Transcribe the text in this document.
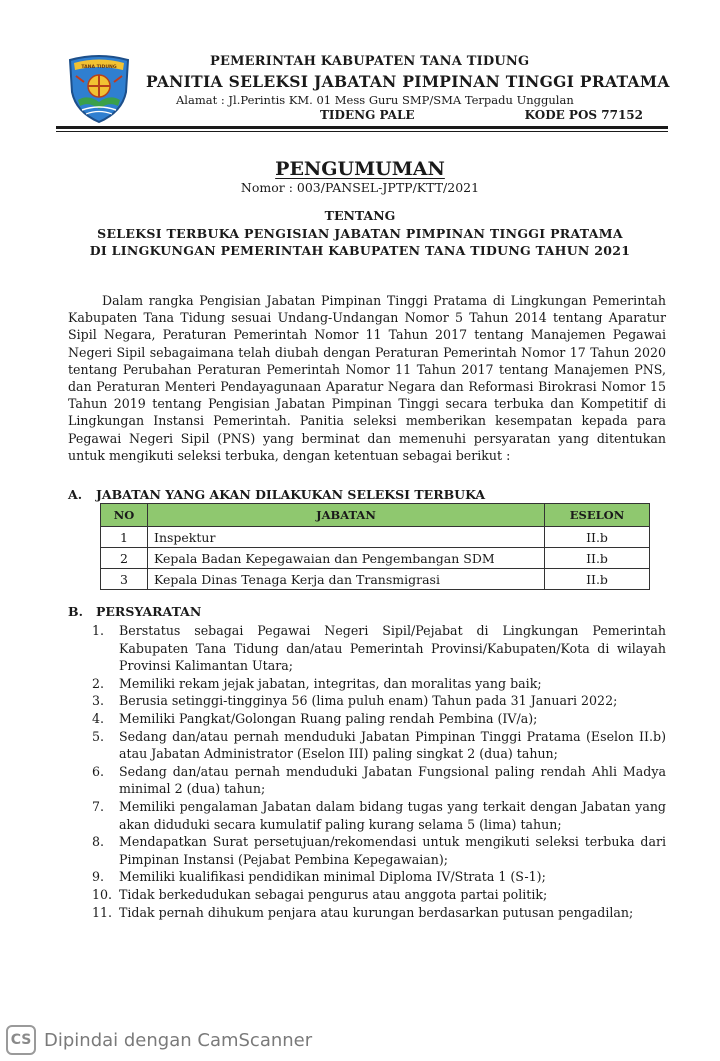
TANA TIDUNG	PEMERINTAH KABUPATEN TANA TIDUNG
PANITIA SELEKSI JABATAN PIMPINAN TINGGI PRATAMA
Alamat : Jl.Perintis KM. 01 Mess Guru SMP/SMA Terpadu Unggulan
TIDENG PALE	KODE POS 77152
PENGUMUMAN
Nomor : 003/PANSEL-JPTP/KTT/2021
TENTANG
SELEKSI TERBUKA PENGISIAN JABATAN PIMPINAN TINGGI PRATAMA
DI LINGKUNGAN PEMERINTAH KABUPATEN TANA TIDUNG TAHUN 2021
Dalam rangka Pengisian Jabatan Pimpinan Tinggi Pratama di Lingkungan Pemerintah Kabupaten Tana Tidung sesuai Undang-Undangan Nomor 5 Tahun 2014 tentang Aparatur Sipil Negara, Peraturan Pemerintah Nomor 11 Tahun 2017 tentang Manajemen Pegawai Negeri Sipil sebagaimana telah diubah dengan Peraturan Pemerintah Nomor 17 Tahun 2020 tentang Perubahan Peraturan Pemerintah Nomor 11 Tahun 2017 tentang Manajemen PNS, dan Peraturan Menteri Pendayagunaan Aparatur Negara dan Reformasi Birokrasi Nomor 15 Tahun 2019 tentang Pengisian Jabatan Pimpinan Tinggi secara terbuka dan Kompetitif di Lingkungan Instansi Pemerintah. Panitia seleksi memberikan kesempatan kepada para Pegawai Negeri Sipil (PNS) yang berminat dan memenuhi persyaratan yang ditentukan untuk mengikuti seleksi terbuka, dengan ketentuan sebagai berikut :
A. JABATAN YANG AKAN DILAKUKAN SELEKSI TERBUKA
NO	JABATAN	ESELON
1	Inspektur	II.b
2	Kepala Badan Kepegawaian dan Pengembangan SDM	II.b
3	Kepala Dinas Tenaga Kerja dan Transmigrasi	II.b
B. PERSYARATAN
1. Berstatus sebagai Pegawai Negeri Sipil/Pejabat di Lingkungan Pemerintah Kabupaten Tana Tidung dan/atau Pemerintah Provinsi/Kabupaten/Kota di wilayah Provinsi Kalimantan Utara;
2. Memiliki rekam jejak jabatan, integritas, dan moralitas yang baik;
3. Berusia setinggi-tingginya 56 (lima puluh enam) Tahun pada 31 Januari 2022;
4. Memiliki Pangkat/Golongan Ruang paling rendah Pembina (IV/a);
5. Sedang dan/atau pernah menduduki Jabatan Pimpinan Tinggi Pratama (Eselon II.b) atau Jabatan Administrator (Eselon III) paling singkat 2 (dua) tahun;
6. Sedang dan/atau pernah menduduki Jabatan Fungsional paling rendah Ahli Madya minimal 2 (dua) tahun;
7. Memiliki pengalaman Jabatan dalam bidang tugas yang terkait dengan Jabatan yang akan diduduki secara kumulatif paling kurang selama 5 (lima) tahun;
8. Mendapatkan Surat persetujuan/rekomendasi untuk mengikuti seleksi terbuka dari Pimpinan Instansi (Pejabat Pembina Kepegawaian);
9. Memiliki kualifikasi pendidikan minimal Diploma IV/Strata 1 (S-1);
10. Tidak berkedudukan sebagai pengurus atau anggota partai politik;
11. Tidak pernah dihukum penjara atau kurungan berdasarkan putusan pengadilan;
CS Dipindai dengan CamScanner
